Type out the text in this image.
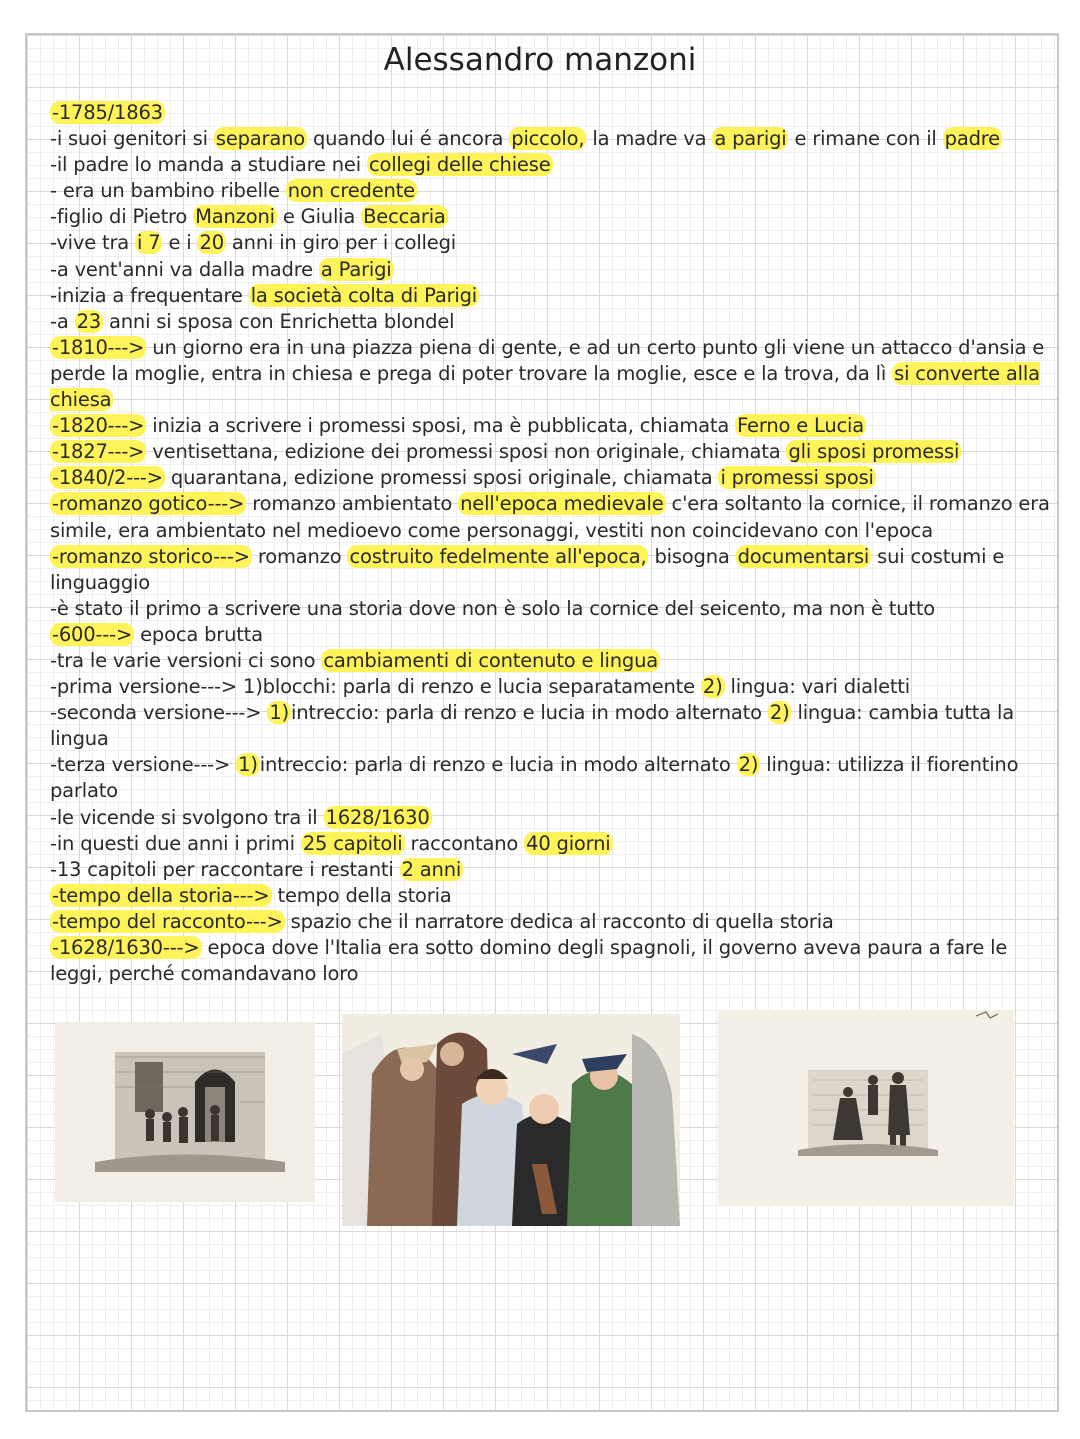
Alessandro manzoni
-1785/1863
-i suoi genitori si separano quando lui é ancora piccolo, la madre va a parigi e rimane con il padre
-il padre lo manda a studiare nei collegi delle chiese
- era un bambino ribelle non credente
-figlio di Pietro Manzoni e Giulia Beccaria
-vive tra i 7 e i 20 anni in giro per i collegi
-a vent'anni va dalla madre a Parigi
-inizia a frequentare la società colta di Parigi
-a 23 anni si sposa con Enrichetta blondel
-1810---> un giorno era in una piazza piena di gente, e ad un certo punto gli viene un attacco d'ansia e perde la moglie, entra in chiesa e prega di poter trovare la moglie, esce e la trova, da lì si converte alla chiesa
-1820---> inizia a scrivere i promessi sposi, ma è pubblicata, chiamata Ferno e Lucia
-1827---> ventisettana, edizione dei promessi sposi non originale, chiamata gli sposi promessi
-1840/2---> quarantana, edizione promessi sposi originale, chiamata i promessi sposi
-romanzo gotico---> romanzo ambientato nell'epoca medievale c'era soltanto la cornice, il romanzo era simile, era ambientato nel medioevo come personaggi, vestiti non coincidevano con l'epoca
-romanzo storico---> romanzo costruito fedelmente all'epoca, bisogna documentarsi sui costumi e linguaggio
-è stato il primo a scrivere una storia dove non è solo la cornice del seicento, ma non è tutto
-600---> epoca brutta
-tra le varie versioni ci sono cambiamenti di contenuto e lingua
-prima versione---> 1)blocchi: parla di renzo e lucia separatamente 2) lingua: vari dialetti
-seconda versione---> 1) intreccio: parla di renzo e lucia in modo alternato 2) lingua: cambia tutta la lingua
-terza versione---> 1) intreccio: parla di renzo e lucia in modo alternato 2) lingua: utilizza il fiorentino parlato
-le vicende si svolgono tra il 1628/1630
-in questi due anni i primi 25 capitoli raccontano 40 giorni
-13 capitoli per raccontare i restanti 2 anni
-tempo della storia---> tempo della storia
-tempo del racconto---> spazio che il narratore dedica al racconto di quella storia
-1628/1630---> epoca dove l'Italia era sotto domino degli spagnoli, il governo aveva paura a fare le leggi, perché comandavano loro
